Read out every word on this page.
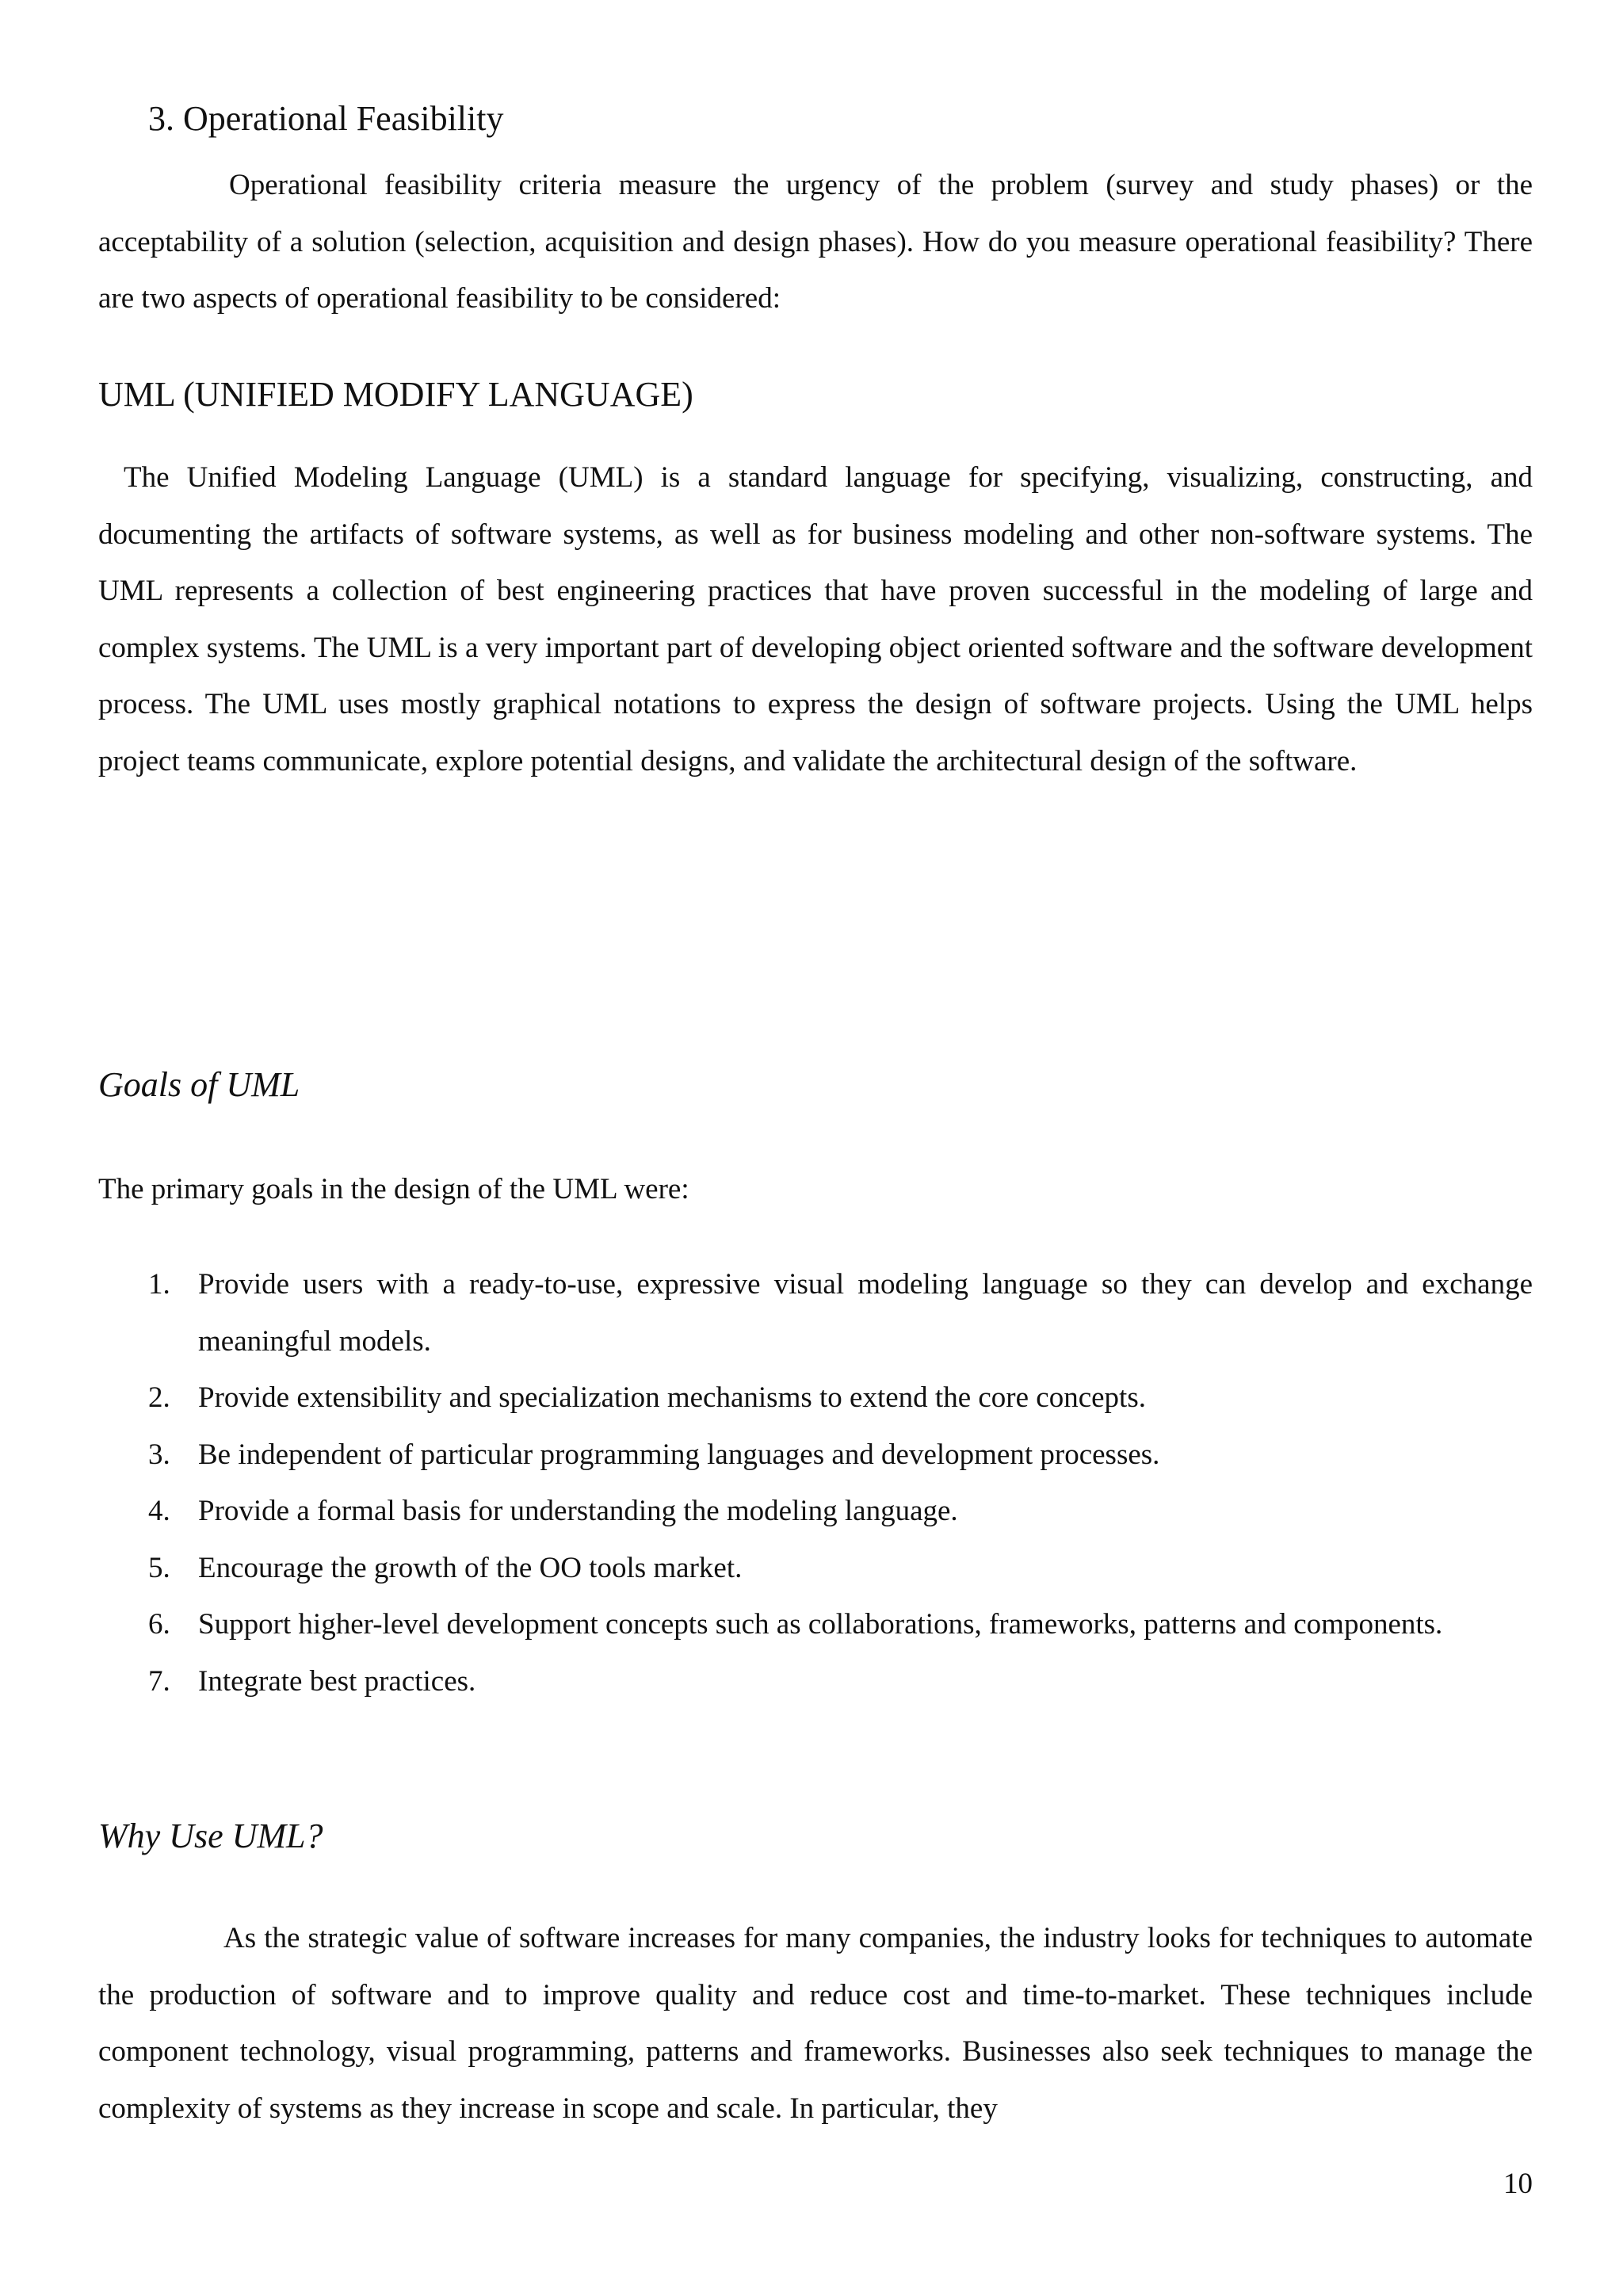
3. Operational Feasibility

Operational feasibility criteria measure the urgency of the problem (survey and study phases) or the acceptability of a solution (selection, acquisition and design phases). How do you measure operational feasibility? There are two aspects of operational feasibility to be considered:

UML (UNIFIED MODIFY LANGUAGE)

The Unified Modeling Language (UML) is a standard language for specifying, visualizing, constructing, and documenting the artifacts of software systems, as well as for business modeling and other non-software systems. The UML represents a collection of best engineering practices that have proven successful in the modeling of large and complex systems. The UML is a very important part of developing object oriented software and the software development process. The UML uses mostly graphical notations to express the design of software projects. Using the UML helps project teams communicate, explore potential designs, and validate the architectural design of the software.

Goals of UML

The primary goals in the design of the UML were:

1. Provide users with a ready-to-use, expressive visual modeling language so they can develop and exchange meaningful models.
2. Provide extensibility and specialization mechanisms to extend the core concepts.
3. Be independent of particular programming languages and development processes.
4. Provide a formal basis for understanding the modeling language.
5. Encourage the growth of the OO tools market.
6. Support higher-level development concepts such as collaborations, frameworks, patterns and components.
7. Integrate best practices.
Why Use UML?

As the strategic value of software increases for many companies, the industry looks for techniques to automate the production of software and to improve quality and reduce cost and time-to-market. These techniques include component technology, visual programming, patterns and frameworks. Businesses also seek techniques to manage the complexity of systems as they increase in scope and scale. In particular, they

10
